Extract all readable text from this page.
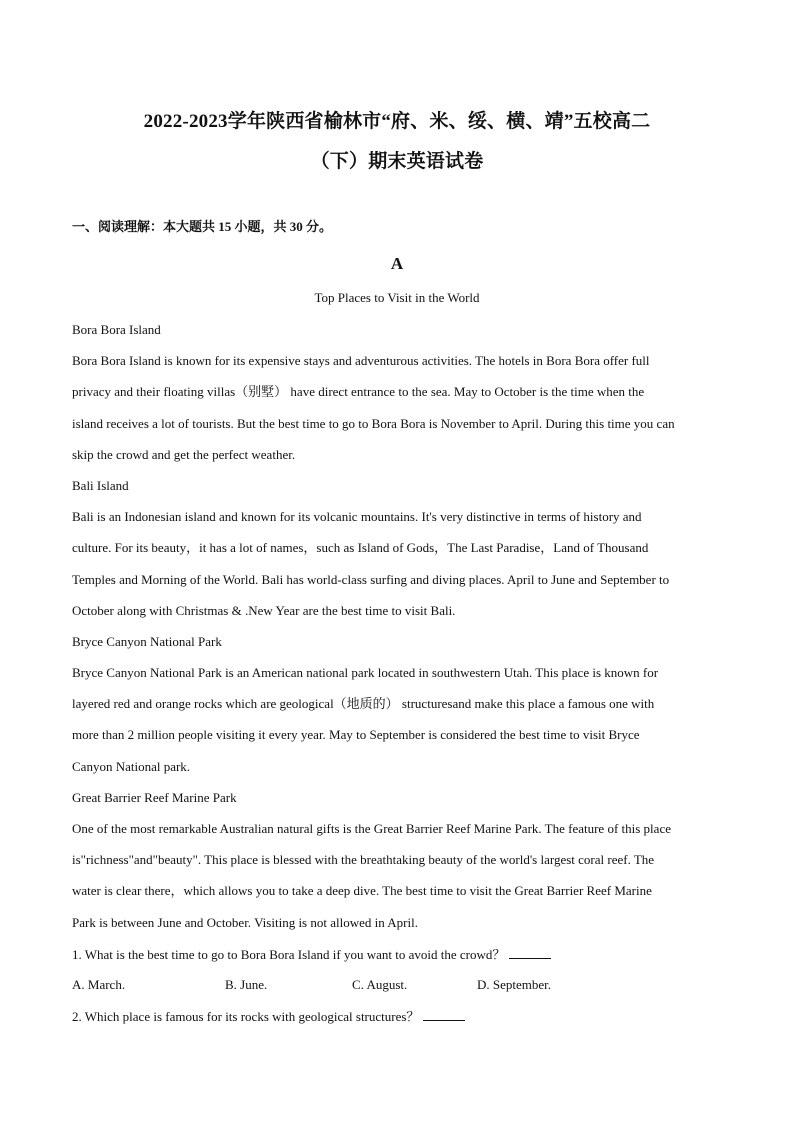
2022-2023学年陕西省榆林市“府、米、绥、横、靖”五校高二
（下）期末英语试卷
一、阅读理解：本大题共 15 小题，共 30 分。
A
Top Places to Visit in the World
Bora Bora Island
Bora Bora Island is known for its expensive stays and adventurous activities. The hotels in Bora Bora offer full
privacy and their floating villas（别墅） have direct entrance to the sea. May to October is the time when the
island receives a lot of tourists. But the best time to go to Bora Bora is November to April. During this time you can
skip the crowd and get the perfect weather.
Bali Island
Bali is an Indonesian island and known for its volcanic mountains. It's very distinctive in terms of history and
culture. For its beauty，it has a lot of names，such as Island of Gods，The Last Paradise，Land of Thousand
Temples and Morning of the World. Bali has world-class surfing and diving places. April to June and September to
October along with Christmas & .New Year are the best time to visit Bali.
Bryce Canyon National Park
Bryce Canyon National Park is an American national park located in southwestern Utah. This place is known for
layered red and orange rocks which are geological（地质的） structuresand make this place a famous one with
more than 2 million people visiting it every year. May to September is considered the best time to visit Bryce
Canyon National park.
Great Barrier Reef Marine Park
One of the most remarkable Australian natural gifts is the Great Barrier Reef Marine Park. The feature of this place
is"richness"and"beauty". This place is blessed with the breathtaking beauty of the world's largest coral reef. The
water is clear there，which allows you to take a deep dive. The best time to visit the Great Barrier Reef Marine
Park is between June and October. Visiting is not allowed in April.
1. What is the best time to go to Bora Bora Island if you want to avoid the crowd？
A. March.	B. June.	C. August.	D. September.
2. Which place is famous for its rocks with geological structures？
